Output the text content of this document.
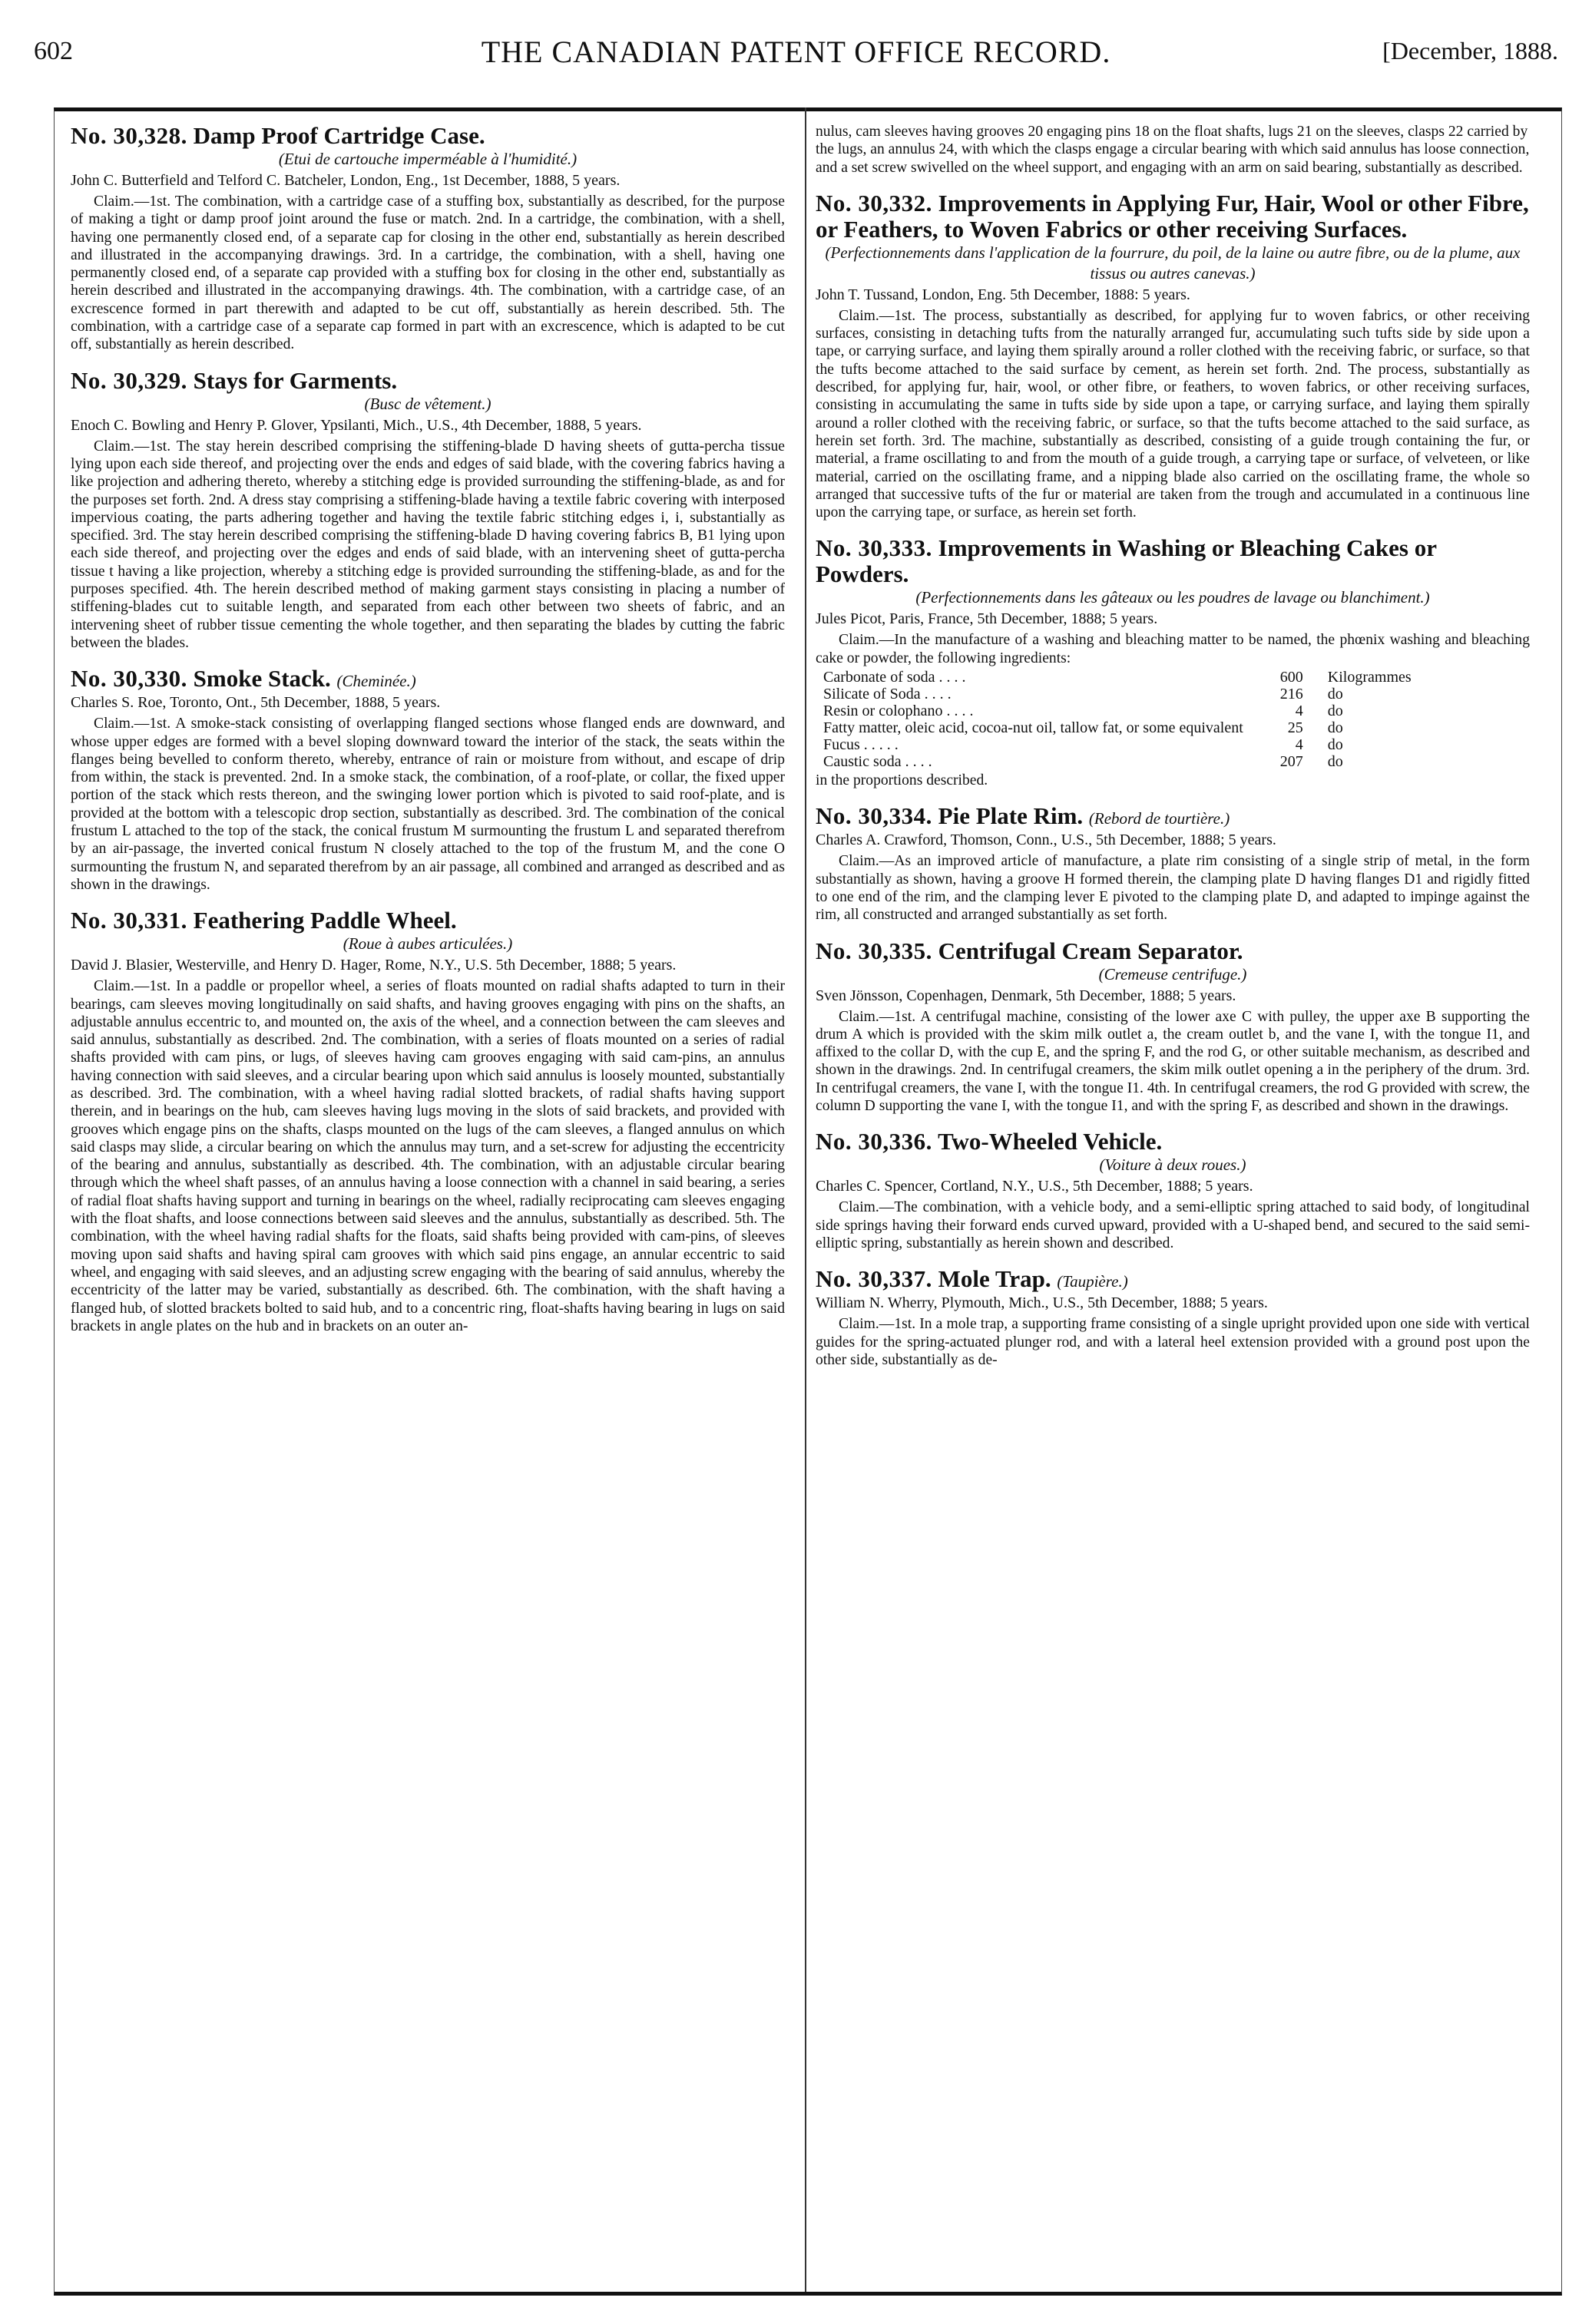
602	THE CANADIAN PATENT OFFICE RECORD.	[December, 1888.
No. 30,328. Damp Proof Cartridge Case.
(Etui de cartouche imperméable à l'humidité.)
John C. Butterfield and Telford C. Batcheler, London, Eng., 1st December, 1888, 5 years.

Claim.—1st. The combination, with a cartridge case of a stuffing box, substantially as described, for the purpose of making a tight or damp proof joint around the fuse or match. 2nd. In a cartridge, the combination, with a shell, having one permanently closed end, of a separate cap for closing in the other end, substantially as herein described and illustrated in the accompanying drawings. 3rd. In a cartridge, the combination, with a shell, having one permanently closed end, of a separate cap provided with a stuffing box for closing in the other end, substantially as herein described and illustrated in the accompanying drawings. 4th. The combination, with a cartridge case, of an excrescence formed in part therewith and adapted to be cut off, substantially as herein described. 5th. The combination, with a cartridge case of a separate cap formed in part with an excrescence, which is adapted to be cut off, substantially as herein described.

No. 30,329. Stays for Garments.
(Busc de vêtement.)
Enoch C. Bowling and Henry P. Glover, Ypsilanti, Mich., U.S., 4th December, 1888, 5 years.

Claim.—1st. The stay herein described comprising the stiffening-blade D having sheets of gutta-percha tissue lying upon each side thereof, and projecting over the ends and edges of said blade, with the covering fabrics having a like projection and adhering thereto, whereby a stitching edge is provided surrounding the stiffening-blade, as and for the purposes set forth. 2nd. A dress stay comprising a stiffening-blade having a textile fabric covering with interposed impervious coating, the parts adhering together and having the textile fabric stitching edges i, i, substantially as specified. 3rd. The stay herein described comprising the stiffening-blade D having covering fabrics B, B1 lying upon each side thereof, and projecting over the edges and ends of said blade, with an intervening sheet of gutta-percha tissue t having a like projection, whereby a stitching edge is provided surrounding the stiffening-blade, as and for the purposes specified. 4th. The herein described method of making garment stays consisting in placing a number of stiffening-blades cut to suitable length, and separated from each other between two sheets of fabric, and an intervening sheet of rubber tissue cementing the whole together, and then separating the blades by cutting the fabric between the blades.

No. 30,330. Smoke Stack. (Cheminée.)
Charles S. Roe, Toronto, Ont., 5th December, 1888, 5 years.

Claim.—1st. A smoke-stack consisting of overlapping flanged sections whose flanged ends are downward, and whose upper edges are formed with a bevel sloping downward toward the interior of the stack, the seats within the flanges being bevelled to conform thereto, whereby, entrance of rain or moisture from without, and escape of drip from within, the stack is prevented. 2nd. In a smoke stack, the combination, of a roof-plate, or collar, the fixed upper portion of the stack which rests thereon, and the swinging lower portion which is pivoted to said roof-plate, and is provided at the bottom with a telescopic drop section, substantially as described. 3rd. The combination of the conical frustum L attached to the top of the stack, the conical frustum M surmounting the frustum L and separated therefrom by an air-passage, the inverted conical frustum N closely attached to the top of the frustum M, and the cone O surmounting the frustum N, and separated therefrom by an air passage, all combined and arranged as described and as shown in the drawings.

No. 30,331. Feathering Paddle Wheel.
(Roue à aubes articulées.)
David J. Blasier, Westerville, and Henry D. Hager, Rome, N.Y., U.S. 5th December, 1888; 5 years.

Claim.—1st. In a paddle or propellor wheel, a series of floats mounted on radial shafts adapted to turn in their bearings, cam sleeves moving longitudinally on said shafts, and having grooves engaging with pins on the shafts, an adjustable annulus eccentric to, and mounted on, the axis of the wheel, and a connection between the cam sleeves and said annulus, substantially as described. 2nd. The combination, with a series of floats mounted on a series of radial shafts provided with cam pins, or lugs, of sleeves having cam grooves engaging with said cam-pins, an annulus having connection with said sleeves, and a circular bearing upon which said annulus is loosely mounted, substantially as described. 3rd. The combination, with a wheel having radial slotted brackets, of radial shafts having support therein, and in bearings on the hub, cam sleeves having lugs moving in the slots of said brackets, and provided with grooves which engage pins on the shafts, clasps mounted on the lugs of the cam sleeves, a flanged annulus on which said clasps may slide, a circular bearing on which the annulus may turn, and a set-screw for adjusting the eccentricity of the bearing and annulus, substantially as described. 4th. The combination, with an adjustable circular bearing through which the wheel shaft passes, of an annulus having a loose connection with a channel in said bearing, a series of radial float shafts having support and turning in bearings on the wheel, radially reciprocating cam sleeves engaging with the float shafts, and loose connections between said sleeves and the annulus, substantially as described. 5th. The combination, with the wheel having radial shafts for the floats, said shafts being provided with cam-pins, of sleeves moving upon said shafts and having spiral cam grooves with which said pins engage, an annular eccentric to said wheel, and engaging with said sleeves, and an adjusting screw engaging with the bearing of said annulus, whereby the eccentricity of the latter may be varied, substantially as described. 6th. The combination, with the shaft having a flanged hub, of slotted brackets bolted to said hub, and to a concentric ring, float-shafts having bearing in lugs on said brackets in angle plates on the hub and in brackets on an outer an-

nulus, cam sleeves having grooves 20 engaging pins 18 on the float shafts, lugs 21 on the sleeves, clasps 22 carried by the lugs, an annulus 24, with which the clasps engage a circular bearing with which said annulus has loose connection, and a set screw swivelled on the wheel support, and engaging with an arm on said bearing, substantially as described.

No. 30,332. Improvements in Applying Fur, Hair, Wool or other Fibre, or Feathers, to Woven Fabrics or other receiving Surfaces.
(Perfectionnements dans l'application de la fourrure, du poil, de la laine ou autre fibre, ou de la plume, aux tissus ou autres canevas.)
John T. Tussand, London, Eng. 5th December, 1888: 5 years.

Claim.—1st. The process, substantially as described, for applying fur to woven fabrics, or other receiving surfaces, consisting in detaching tufts from the naturally arranged fur, accumulating such tufts side by side upon a tape, or carrying surface, and laying them spirally around a roller clothed with the receiving fabric, or surface, so that the tufts become attached to the said surface by cement, as herein set forth. 2nd. The process, substantially as described, for applying fur, hair, wool, or other fibre, or feathers, to woven fabrics, or other receiving surfaces, consisting in accumulating the same in tufts side by side upon a tape, or carrying surface, and laying them spirally around a roller clothed with the receiving fabric, or surface, so that the tufts become attached to the said surface, as herein set forth. 3rd. The machine, substantially as described, consisting of a guide trough containing the fur, or material, a frame oscillating to and from the mouth of a guide trough, a carrying tape or surface, of velveteen, or like material, carried on the oscillating frame, and a nipping blade also carried on the oscillating frame, the whole so arranged that successive tufts of the fur or material are taken from the trough and accumulated in a continuous line upon the carrying tape, or surface, as herein set forth.

No. 30,333. Improvements in Washing or Bleaching Cakes or Powders.
(Perfectionnements dans les gâteaux ou les poudres de lavage ou blanchiment.)
Jules Picot, Paris, France, 5th December, 1888; 5 years.

Claim.—In the manufacture of a washing and bleaching matter to be named, the phœnix washing and bleaching cake or powder, the following ingredients:

Carbonate of soda . . . .	600	Kilogrammes
Silicate of Soda . . . .	216	do
Resin or colophano . . . .	4	do
Fatty matter, oleic acid, cocoa-nut oil, tallow fat, or some equivalent	25	do
Fucus . . . . .	4	do
Caustic soda . . . .	207	do

in the proportions described.

No. 30,334. Pie Plate Rim. (Rebord de tourtière.)
Charles A. Crawford, Thomson, Conn., U.S., 5th December, 1888; 5 years.

Claim.—As an improved article of manufacture, a plate rim consisting of a single strip of metal, in the form substantially as shown, having a groove H formed therein, the clamping plate D having flanges D1 and rigidly fitted to one end of the rim, and the clamping lever E pivoted to the clamping plate D, and adapted to impinge against the rim, all constructed and arranged substantially as set forth.

No. 30,335. Centrifugal Cream Separator.
(Cremeuse centrifuge.)
Sven Jönsson, Copenhagen, Denmark, 5th December, 1888; 5 years.

Claim.—1st. A centrifugal machine, consisting of the lower axe C with pulley, the upper axe B supporting the drum A which is provided with the skim milk outlet a, the cream outlet b, and the vane I, with the tongue I1, and affixed to the collar D, with the cup E, and the spring F, and the rod G, or other suitable mechanism, as described and shown in the drawings. 2nd. In centrifugal creamers, the skim milk outlet opening a in the periphery of the drum. 3rd. In centrifugal creamers, the vane I, with the tongue I1. 4th. In centrifugal creamers, the rod G provided with screw, the column D supporting the vane I, with the tongue I1, and with the spring F, as described and shown in the drawings.

No. 30,336. Two-Wheeled Vehicle.
(Voiture à deux roues.)
Charles C. Spencer, Cortland, N.Y., U.S., 5th December, 1888; 5 years.

Claim.—The combination, with a vehicle body, and a semi-elliptic spring attached to said body, of longitudinal side springs having their forward ends curved upward, provided with a U-shaped bend, and secured to the said semi-elliptic spring, substantially as herein shown and described.

No. 30,337. Mole Trap. (Taupière.)
William N. Wherry, Plymouth, Mich., U.S., 5th December, 1888; 5 years.

Claim.—1st. In a mole trap, a supporting frame consisting of a single upright provided upon one side with vertical guides for the spring-actuated plunger rod, and with a lateral heel extension provided with a ground post upon the other side, substantially as de-
